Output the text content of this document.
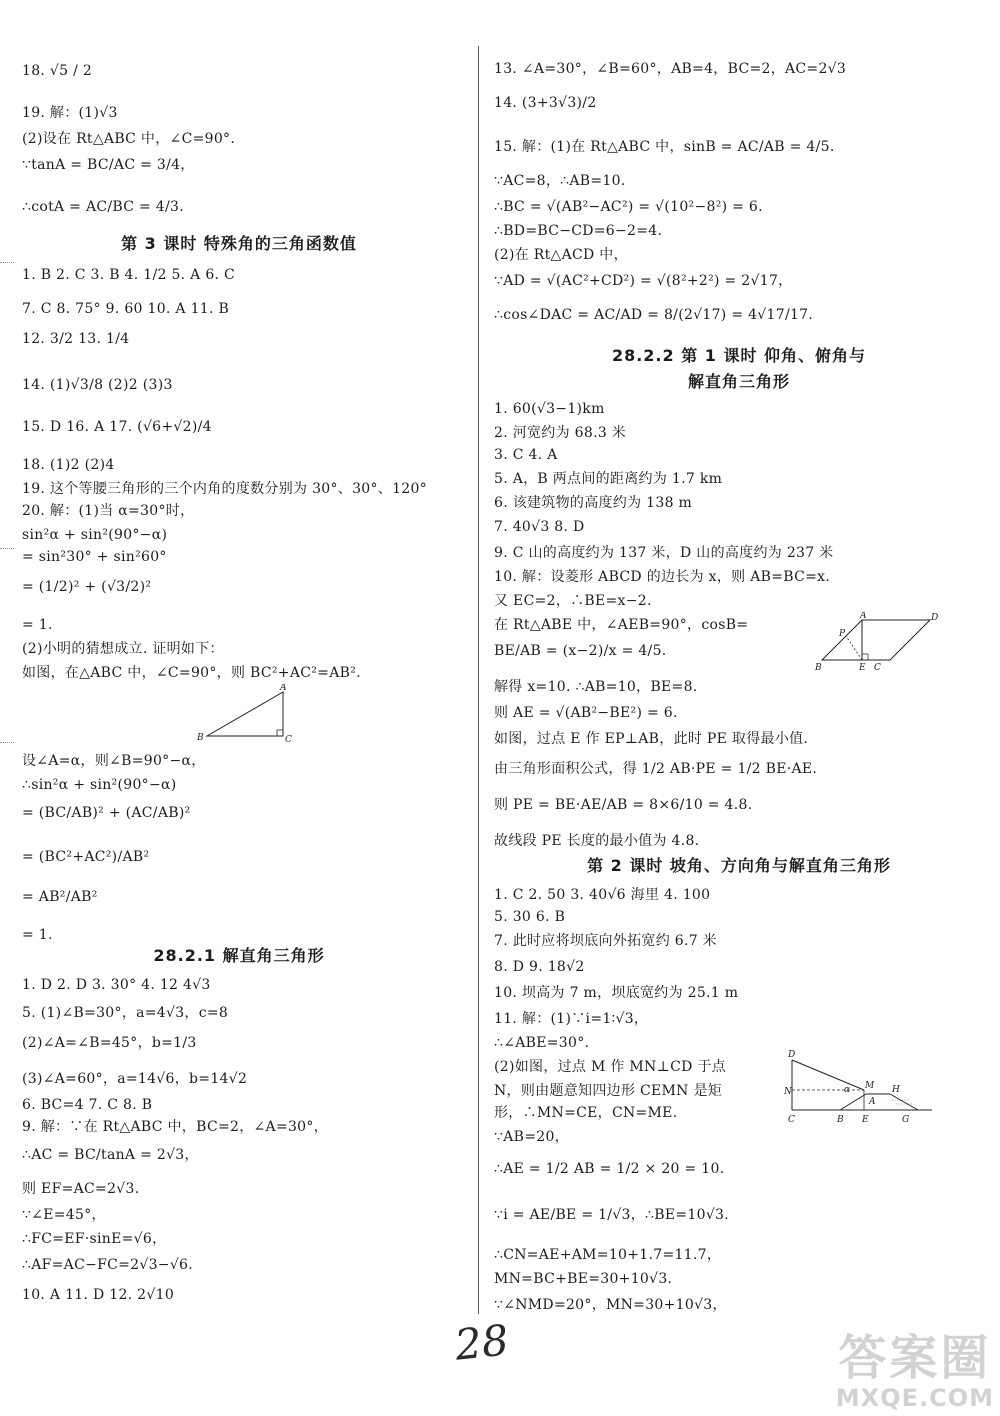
18. √5 / 2
19. 解：(1)√3
(2)设在 Rt△ABC 中，∠C=90°.
∵tanA = BC/AC = 3/4，
∴cotA = AC/BC = 4/3.
1. B 2. C 3. B 4. 1/2 5. A 6. C
7. C 8. 75° 9. 60 10. A 11. B
12. 3/2 13. 1/4
14. (1)√3/8 (2)2 (3)3
15. D 16. A 17. (√6+√2)/4
18. (1)2 (2)4
19. 这个等腰三角形的三个内角的度数分别为 30°、30°、120°
20. 解：(1)当 α=30°时，
sin²α + sin²(90°−α)
= sin²30° + sin²60°
= (1/2)² + (√3/2)²
= 1.
(2)小明的猜想成立. 证明如下：
如图，在△ABC 中，∠C=90°，则 BC²+AC²=AB².
设∠A=α，则∠B=90°−α，
∴sin²α + sin²(90°−α)
= (BC/AB)² + (AC/AB)²
= (BC²+AC²)/AB²
= AB²/AB²
= 1.
1. D 2. D 3. 30° 4. 12 4√3
5. (1)∠B=30°，a=4√3，c=8
(2)∠A=∠B=45°，b=1/3
(3)∠A=60°，a=14√6，b=14√2
6. BC=4 7. C 8. B
9. 解：∵在 Rt△ABC 中，BC=2，∠A=30°，
∴AC = BC/tanA = 2√3，
则 EF=AC=2√3.
∵∠E=45°，
∴FC=EF·sinE=√6，
∴AF=AC−FC=2√3−√6.
10. A 11. D 12. 2√10
第 3 课时 特殊角的三角函数值
28.2.1 解直角三角形
13. ∠A=30°，∠B=60°，AB=4，BC=2，AC=2√3
14. (3+3√3)/2
15. 解：(1)在 Rt△ABC 中，sinB = AC/AB = 4/5.
∵AC=8，∴AB=10.
∴BC = √(AB²−AC²) = √(10²−8²) = 6.
∴BD=BC−CD=6−2=4.
(2)在 Rt△ACD 中，
∵AD = √(AC²+CD²) = √(8²+2²) = 2√17，
∴cos∠DAC = AC/AD = 8/(2√17) = 4√17/17.
1. 60(√3−1)km
2. 河宽约为 68.3 米
3. C 4. A
5. A，B 两点间的距离约为 1.7 km
6. 该建筑物的高度约为 138 m
7. 40√3 8. D
9. C 山的高度约为 137 米，D 山的高度约为 237 米
10. 解：设菱形 ABCD 的边长为 x，则 AB=BC=x.
又 EC=2，∴BE=x−2.
在 Rt△ABE 中，∠AEB=90°，cosB=
BE/AB = (x−2)/x = 4/5.
解得 x=10. ∴AB=10，BE=8.
则 AE = √(AB²−BE²) = 6.
如图，过点 E 作 EP⊥AB，此时 PE 取得最小值.
由三角形面积公式，得 1/2 AB·PE = 1/2 BE·AE.
则 PE = BE·AE/AB = 8×6/10 = 4.8.
故线段 PE 长度的最小值为 4.8.
1. C 2. 50 3. 40√6 海里 4. 100
5. 30 6. B
7. 此时应将坝底向外拓宽约 6.7 米
8. D 9. 18√2
10. 坝高为 7 m，坝底宽约为 25.1 m
11. 解：(1)∵i=1∶√3，
∴∠ABE=30°.
(2)如图，过点 M 作 MN⊥CD 于点
N，则由题意知四边形 CEMN 是矩
形，∴MN=CE，CN=ME.
∵AB=20，
∴AE = 1/2 AB = 1/2 × 20 = 10.
∵i = AE/BE = 1/√3，∴BE=10√3.
∴CN=AE+AM=10+1.7=11.7，
MN=BC+BE=30+10√3.
∵∠NMD=20°，MN=30+10√3，
28.2.2 第 1 课时 仰角、俯角与
解直角三角形
第 2 课时 坡角、方向角与解直角三角形
A
B	C
A	D
B	E C
P
D
N	α M
A
H
C	B E	G
28	答案圈
MXQE.COM
